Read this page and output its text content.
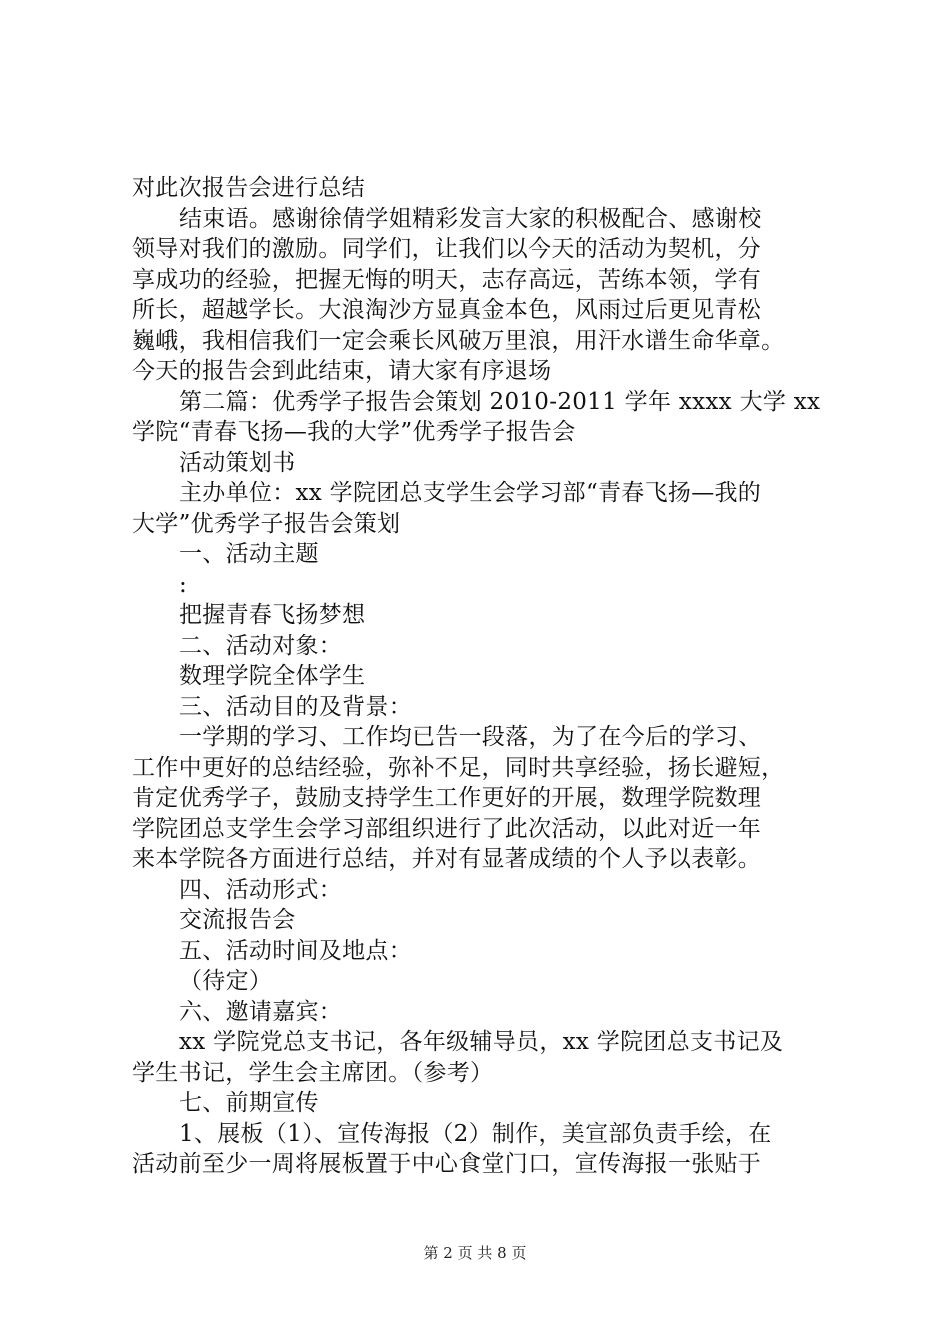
对此次报告会进行总结
结束语。感谢徐倩学姐精彩发言大家的积极配合、感谢校
领导对我们的激励。同学们，让我们以今天的活动为契机，分
享成功的经验，把握无悔的明天，志存高远，苦练本领，学有
所长，超越学长。大浪淘沙方显真金本色，风雨过后更见青松
巍峨，我相信我们一定会乘长风破万里浪，用汗水谱生命华章。
今天的报告会到此结束，请大家有序退场
第二篇：优秀学子报告会策划 2010-2011 学年 xxxx 大学 xx
学院“青春飞扬—我的大学”优秀学子报告会
活动策划书
主办单位：xx 学院团总支学生会学习部“青春飞扬—我的
大学”优秀学子报告会策划
一、活动主题
:
把握青春飞扬梦想
二、活动对象：
数理学院全体学生
三、活动目的及背景：
一学期的学习、工作均已告一段落，为了在今后的学习、
工作中更好的总结经验，弥补不足，同时共享经验，扬长避短，
肯定优秀学子，鼓励支持学生工作更好的开展，数理学院数理
学院团总支学生会学习部组织进行了此次活动，以此对近一年
来本学院各方面进行总结，并对有显著成绩的个人予以表彰。
四、活动形式：
交流报告会
五、活动时间及地点：
（待定）
六、邀请嘉宾：
xx 学院党总支书记，各年级辅导员，xx 学院团总支书记及
学生书记，学生会主席团。（参考）
七、前期宣传
1、展板（1）、宣传海报（2）制作，美宣部负责手绘，在
活动前至少一周将展板置于中心食堂门口，宣传海报一张贴于
第 2 页 共 8 页
